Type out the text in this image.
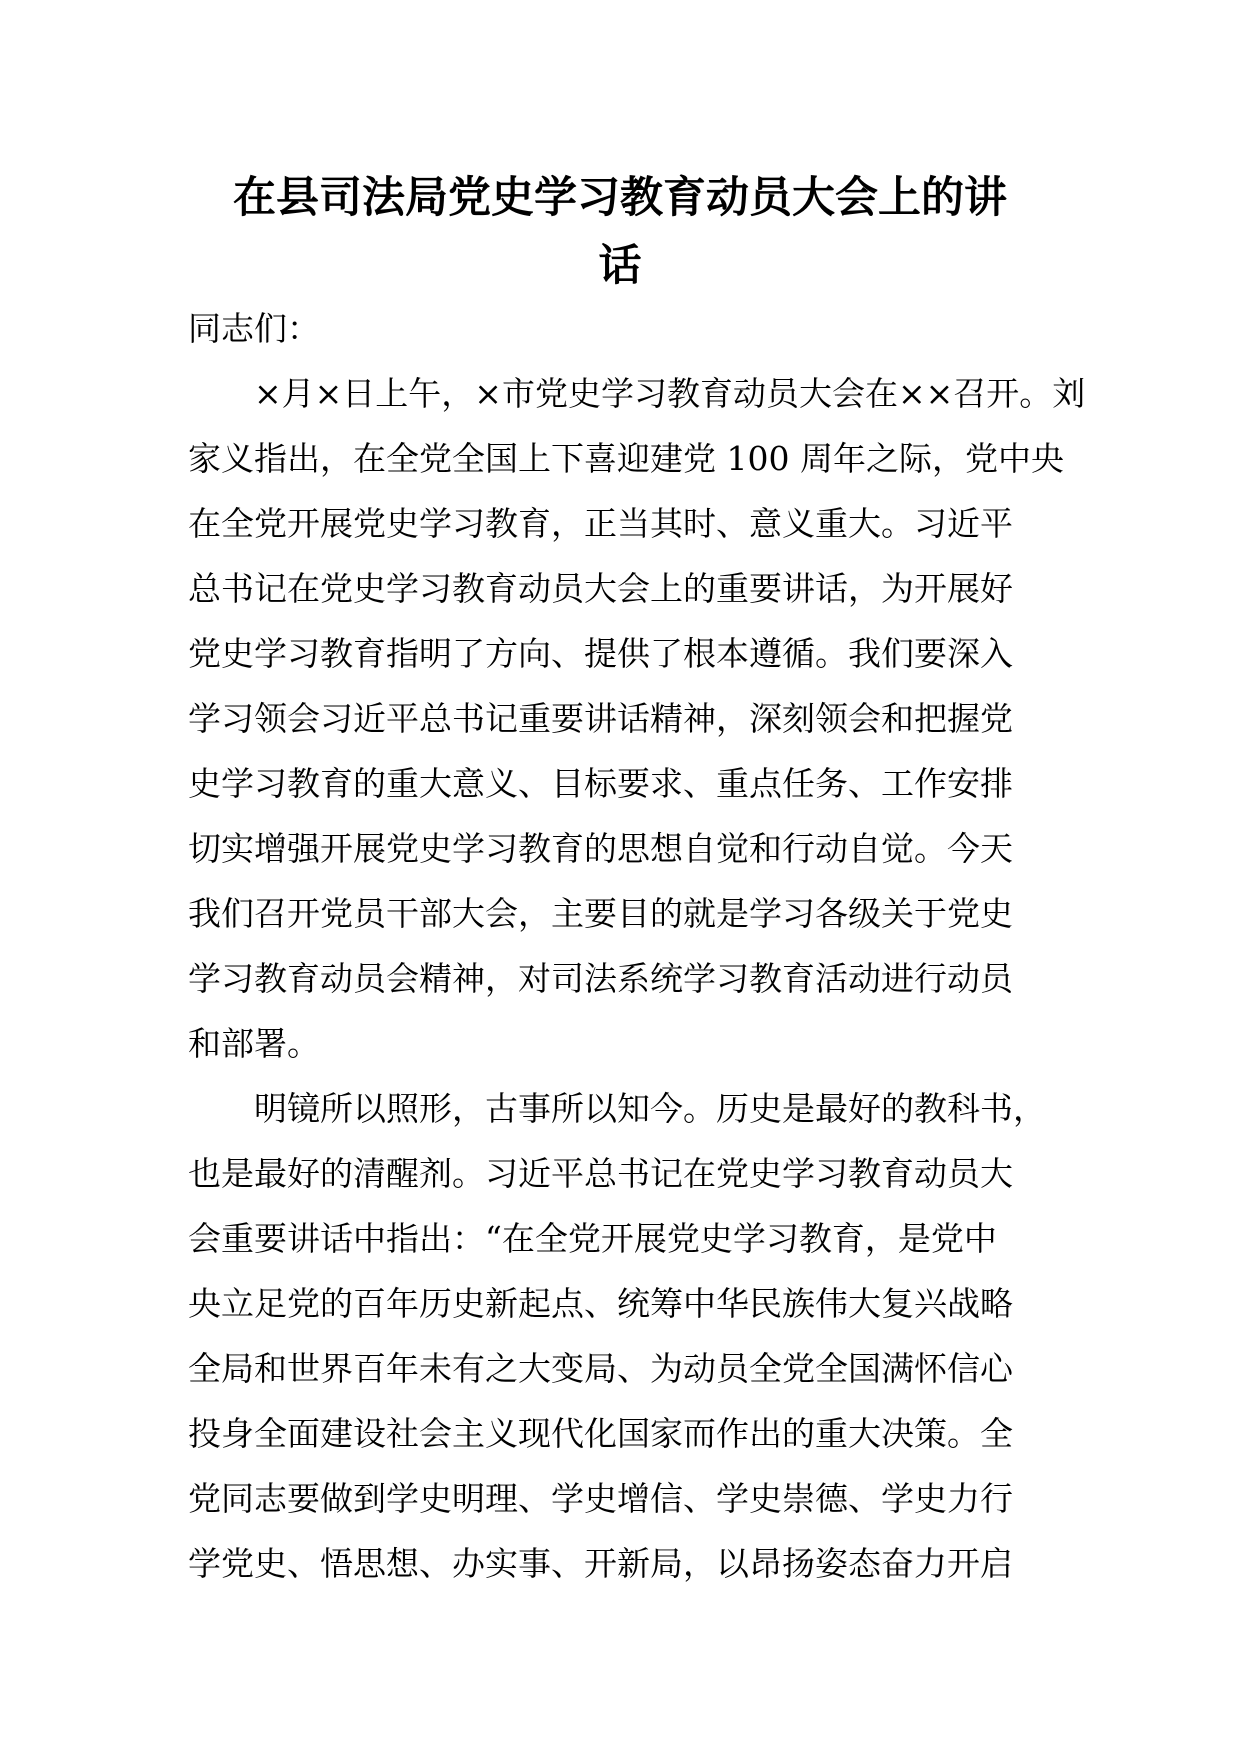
在县司法局党史学习教育动员大会上的讲
话

同志们：

×月×日上午，×市党史学习教育动员大会在××召开。刘
家义指出，在全党全国上下喜迎建党 100 周年之际，党中央
在全党开展党史学习教育，正当其时、意义重大。习近平
总书记在党史学习教育动员大会上的重要讲话，为开展好
党史学习教育指明了方向、提供了根本遵循。我们要深入
学习领会习近平总书记重要讲话精神，深刻领会和把握党
史学习教育的重大意义、目标要求、重点任务、工作安排
切实增强开展党史学习教育的思想自觉和行动自觉。今天
我们召开党员干部大会，主要目的就是学习各级关于党史
学习教育动员会精神，对司法系统学习教育活动进行动员
和部署。

明镜所以照形，古事所以知今。历史是最好的教科书，
也是最好的清醒剂。习近平总书记在党史学习教育动员大
会重要讲话中指出：“在全党开展党史学习教育，是党中
央立足党的百年历史新起点、统筹中华民族伟大复兴战略
全局和世界百年未有之大变局、为动员全党全国满怀信心
投身全面建设社会主义现代化国家而作出的重大决策。全
党同志要做到学史明理、学史增信、学史崇德、学史力行
学党史、悟思想、办实事、开新局，以昂扬姿态奋力开启
